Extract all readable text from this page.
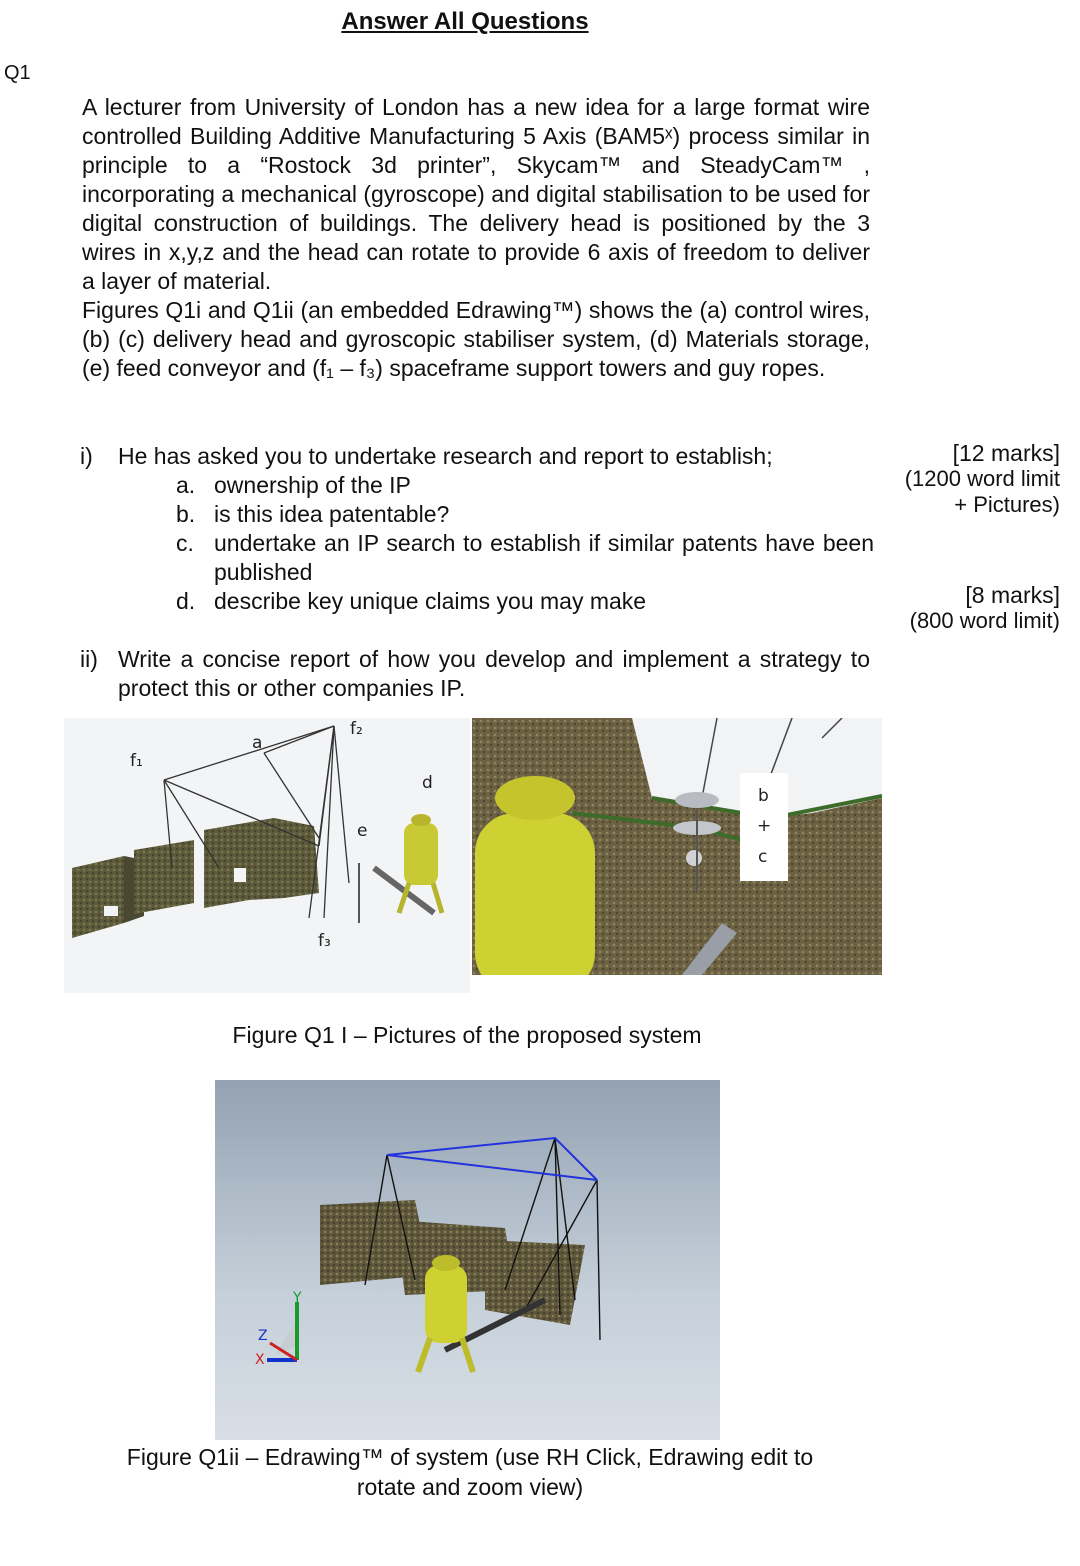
Answer All Questions
Q1

A lecturer from University of London has a new idea for a large format wire controlled Building Additive Manufacturing 5 Axis (BAM5ˣ) process similar in principle to a “Rostock 3d printer”, Skycam™ and SteadyCam™ , incorporating a mechanical (gyroscope) and digital stabilisation to be used for digital construction of buildings. The delivery head is positioned by the 3 wires in x,y,z and the head can rotate to provide 6 axis of freedom to deliver a layer of material.

Figures Q1i and Q1ii (an embedded Edrawing™) shows the (a) control wires, (b) (c) delivery head and gyroscopic stabiliser system, (d) Materials storage, (e) feed conveyor and (f₁ – f₃) spaceframe support towers and guy ropes.

i)	He has asked you to undertake research and report to establish;
a. ownership of the IP
b. is this idea patentable?
c. undertake an IP search to establish if similar patents have been published
d. describe key unique claims you may make
[12 marks]
(1200 word limit
+ Pictures)
[8 marks]
(800 word limit)
ii) Write a concise report of how you develop and implement a strategy to protect this or other companies IP.
a
f₁
f₂
d
e
f₃
b
+
c
Figure Q1 I – Pictures of the proposed system
Y
Z
X
Figure Q1ii – Edrawing™ of system (use RH Click, Edrawing edit to
rotate and zoom view)
